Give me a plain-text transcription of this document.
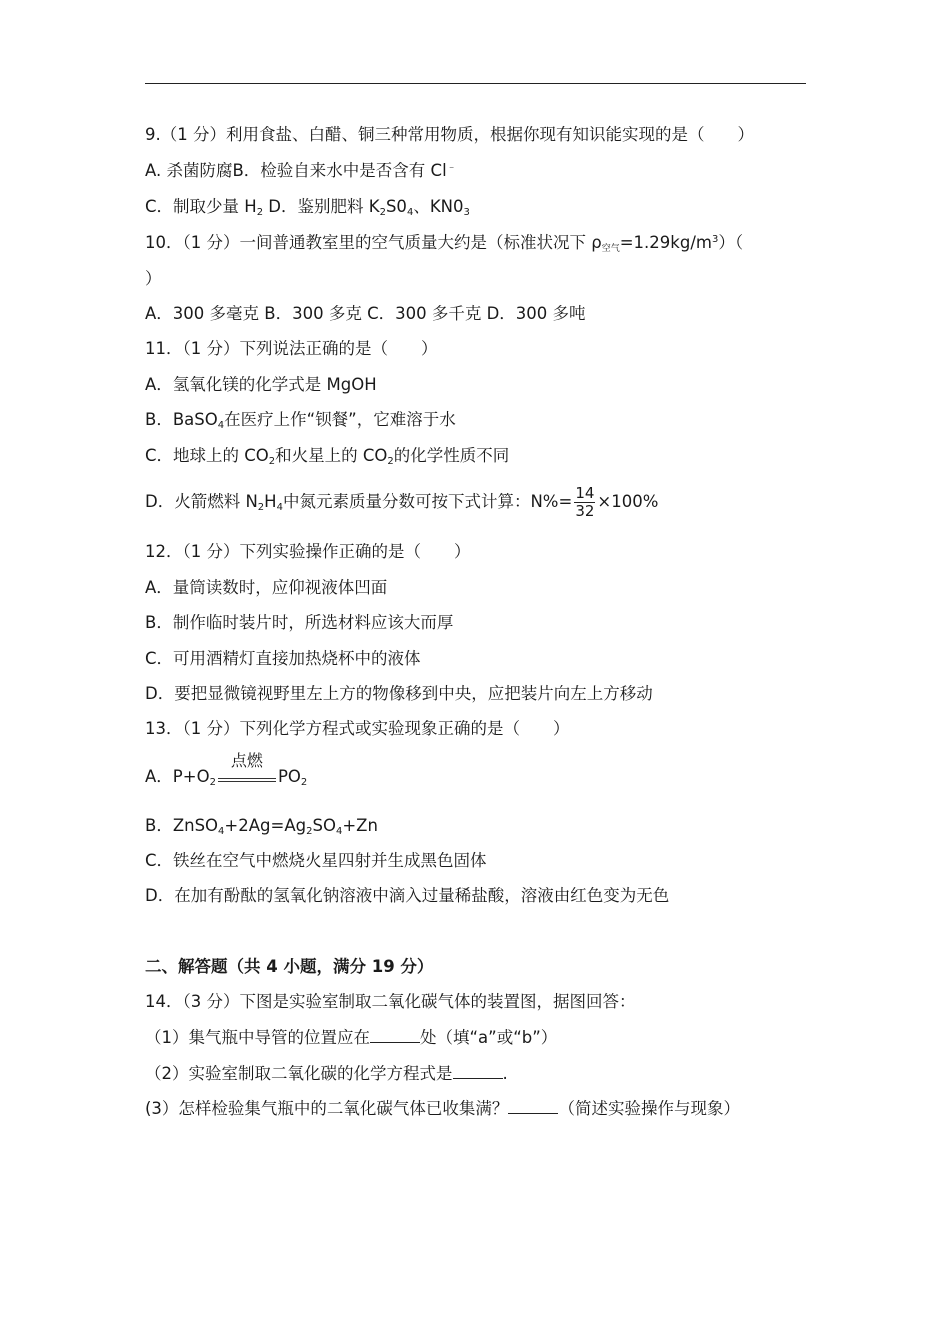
9.（1 分）利用食盐、白醋、铜三种常用物质，根据你现有知识能实现的是（　　）
A. 杀菌防腐B．检验自来水中是否含有 Cl﹣
C．制取少量 $H_2$ D．鉴别肥料 $K_2S0_4$、$KN0_3$
10．（1 分）一间普通教室里的空气质量大约是（标准状况下 $\rho_{空气}=1.29kg/m^3$）（
）
A．300 多毫克 B．300 多克 C．300 多千克 D．300 多吨
11．（1 分）下列说法正确的是（　　）
A．氢氧化镁的化学式是 MgOH
B．BaSO$_4$在医疗上作“钡餐”，它难溶于水
C．地球上的 $CO_2$和火星上的 $CO_2$的化学性质不同
D．火箭燃料 $N_2H_4$中氮元素质量分数可按下式计算：$N\%= \frac{14}{32} \times 100\%$
12．（1 分）下列实验操作正确的是（　　）
A．量筒读数时，应仰视液体凹面
B．制作临时装片时，所选材料应该大而厚
C．可用酒精灯直接加热烧杯中的液体
D．要把显微镜视野里左上方的物像移到中央，应把装片向左上方移动
13．（1 分）下列化学方程式或实验现象正确的是（　　）
A．$P+O_2$
点燃
$PO_2$
B．$ZnSO_4+2Ag=Ag_2SO_4+Zn$
C．铁丝在空气中燃烧火星四射并生成黑色固体
D．在加有酚酞的氢氧化钠溶液中滴入过量稀盐酸，溶液由红色变为无色
二、解答题（共 4 小题，满分 19 分）
14．（3 分）下图是实验室制取二氧化碳气体的装置图，据图回答：
（1）集气瓶中导管的位置应在	处（填“a”或“b”）
（2）实验室制取二氧化碳的化学方程式是	.
(3）怎样检验集气瓶中的二氧化碳气体已收集满？	（简述实验操作与现象）
